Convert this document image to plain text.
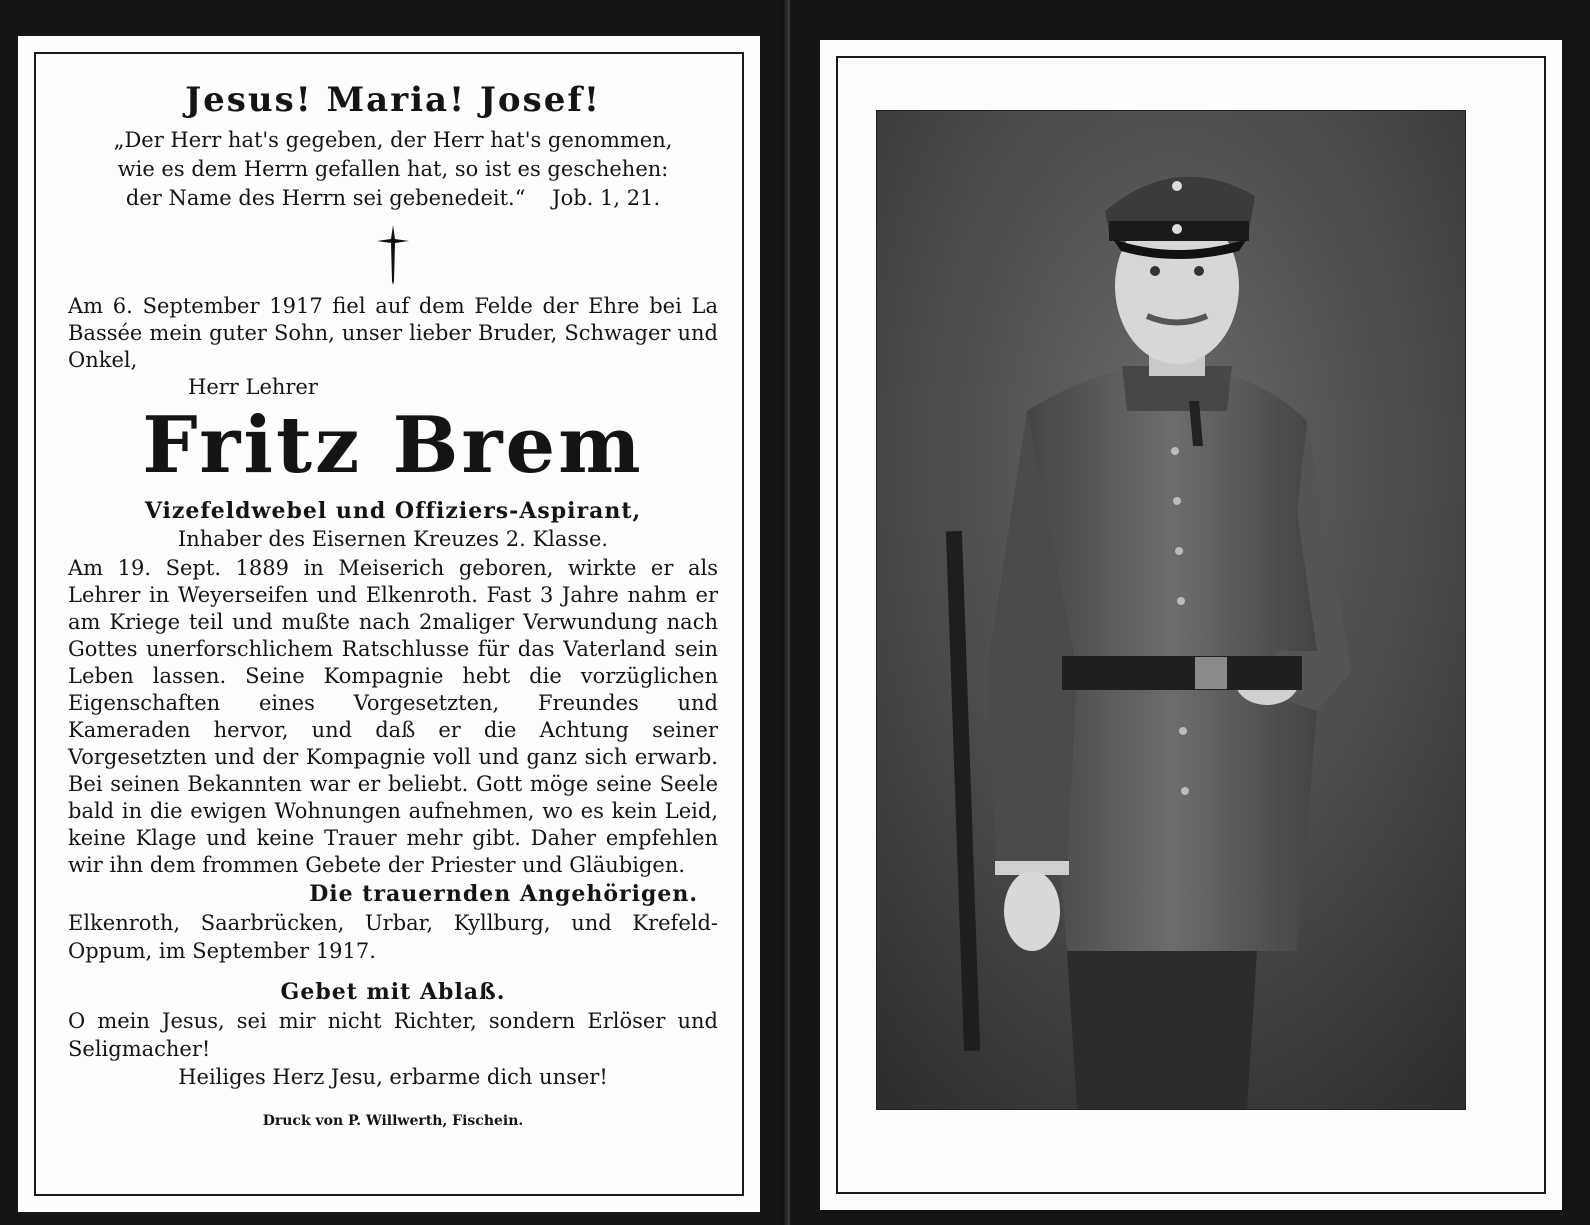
Jesus! Maria! Josef!
„Der Herr hat's gegeben, der Herr hat's genommen,
wie es dem Herrn gefallen hat, so ist es geschehen:
der Name des Herrn sei gebenedeit.“ Job. 1, 21.

Am 6. September 1917 fiel auf dem Felde der Ehre bei La Bassée mein guter Sohn, unser lieber Bruder, Schwager und Onkel,

Herr Lehrer

Fritz Brem
Vizefeldwebel und Offiziers-Aspirant,
Inhaber des Eisernen Kreuzes 2. Klasse.

Am 19. Sept. 1889 in Meiserich geboren, wirkte er als Lehrer in Weyerseifen und Elkenroth. Fast 3 Jahre nahm er am Kriege teil und mußte nach 2maliger Verwundung nach Gottes unerforschlichem Ratschlusse für das Vaterland sein Leben lassen. Seine Kompagnie hebt die vorzüglichen Eigenschaften eines Vorgesetzten, Freundes und Kameraden hervor, und daß er die Achtung seiner Vorgesetzten und der Kompagnie voll und ganz sich erwarb. Bei seinen Bekannten war er beliebt. Gott möge seine Seele bald in die ewigen Wohnungen aufnehmen, wo es kein Leid, keine Klage und keine Trauer mehr gibt. Daher empfehlen wir ihn dem frommen Gebete der Priester und Gläubigen.

Die trauernden Angehörigen.

Elkenroth, Saarbrücken, Urbar, Kyllburg, und Krefeld-Oppum, im September 1917.

Gebet mit Ablaß.

O mein Jesus, sei mir nicht Richter, sondern Erlöser und Seligmacher!

Heiliges Herz Jesu, erbarme dich unser!

Druck von P. Willwerth, Fischein.
